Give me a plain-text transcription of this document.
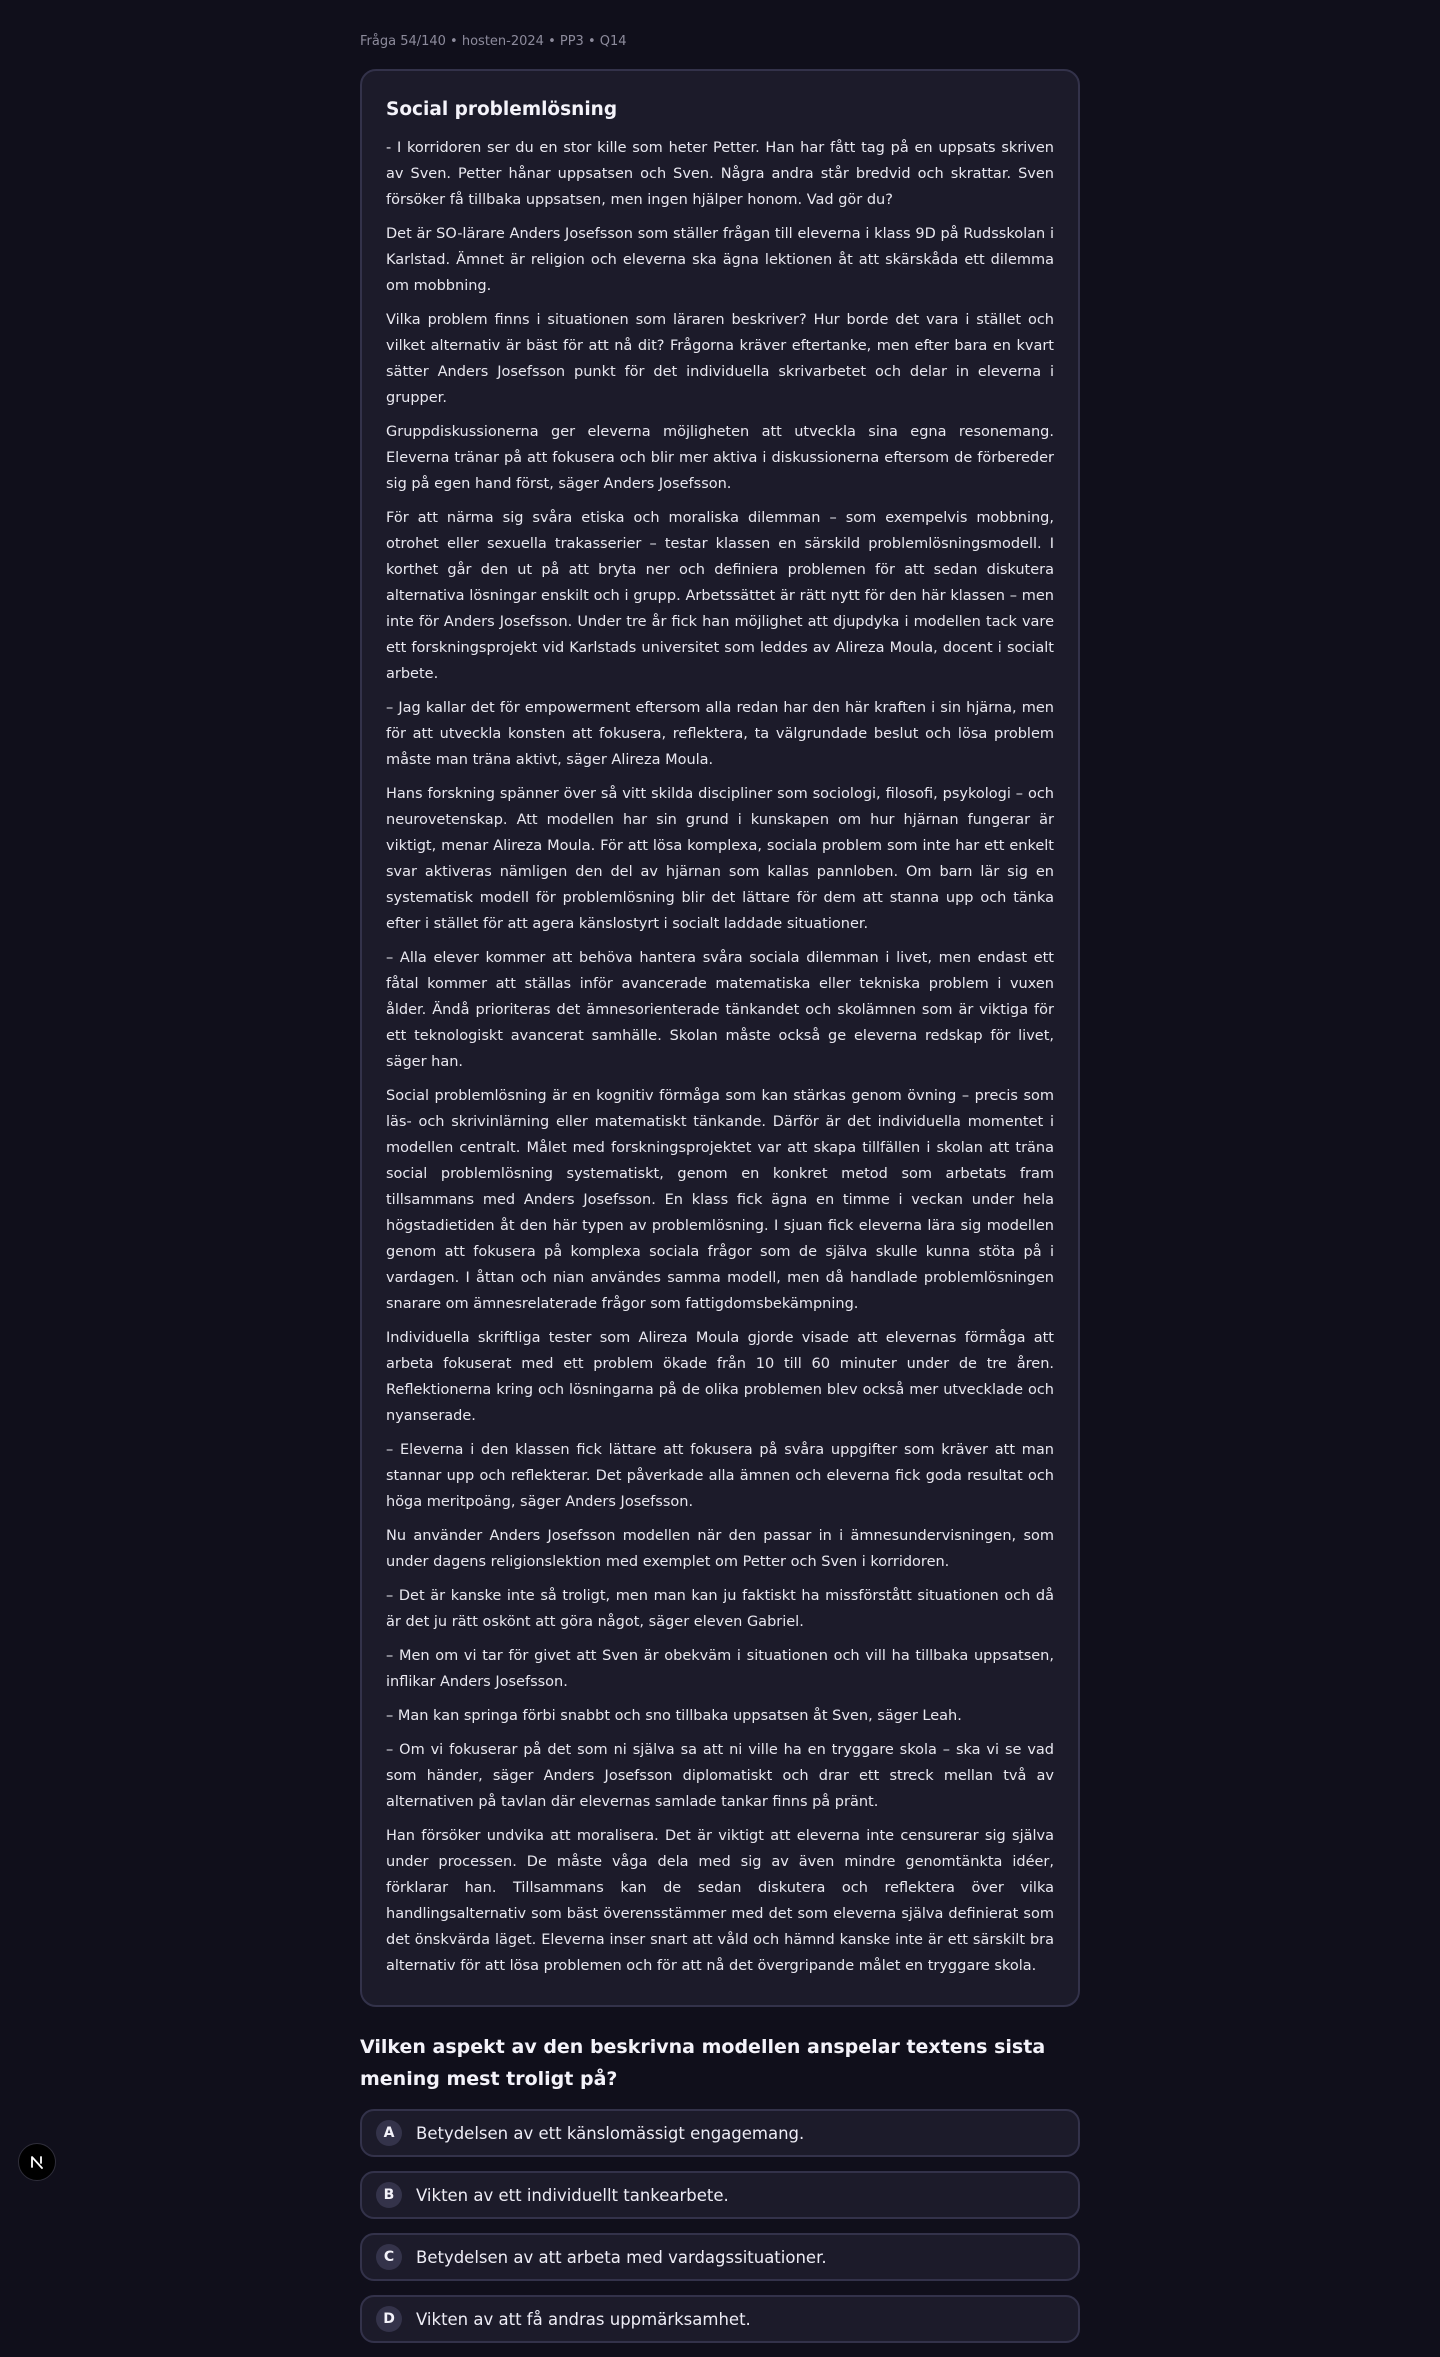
Fråga 54/140 • hosten-2024 • PP3 • Q14
Social problemlösning

- I korridoren ser du en stor kille som heter Petter. Han har fått tag på en uppsats skriven av Sven. Petter hånar uppsatsen och Sven. Några andra står bredvid och skrattar. Sven försöker få tillbaka uppsatsen, men ingen hjälper honom. Vad gör du?

Det är SO-lärare Anders Josefsson som ställer frågan till eleverna i klass 9D på Rudsskolan i Karlstad. Ämnet är religion och eleverna ska ägna lektionen åt att skärskåda ett dilemma om mobbning.

Vilka problem finns i situationen som läraren beskriver? Hur borde det vara i stället och vilket alternativ är bäst för att nå dit? Frågorna kräver eftertanke, men efter bara en kvart sätter Anders Josefsson punkt för det individuella skrivarbetet och delar in eleverna i grupper.

Gruppdiskussionerna ger eleverna möjligheten att utveckla sina egna resonemang. Eleverna tränar på att fokusera och blir mer aktiva i diskussionerna eftersom de förbereder sig på egen hand först, säger Anders Josefsson.

För att närma sig svåra etiska och moraliska dilemman – som exempelvis mobbning, otrohet eller sexuella trakasserier – testar klassen en särskild problemlösningsmodell. I korthet går den ut på att bryta ner och definiera problemen för att sedan diskutera alternativa lösningar enskilt och i grupp. Arbetssättet är rätt nytt för den här klassen – men inte för Anders Josefsson. Under tre år fick han möjlighet att djupdyka i modellen tack vare ett forskningsprojekt vid Karlstads universitet som leddes av Alireza Moula, docent i socialt arbete.

– Jag kallar det för empowerment eftersom alla redan har den här kraften i sin hjärna, men för att utveckla konsten att fokusera, reflektera, ta välgrundade beslut och lösa problem måste man träna aktivt, säger Alireza Moula.

Hans forskning spänner över så vitt skilda discipliner som sociologi, filosofi, psykologi – och neurovetenskap. Att modellen har sin grund i kunskapen om hur hjärnan fungerar är viktigt, menar Alireza Moula. För att lösa komplexa, sociala problem som inte har ett enkelt svar aktiveras nämligen den del av hjärnan som kallas pannloben. Om barn lär sig en systematisk modell för problemlösning blir det lättare för dem att stanna upp och tänka efter i stället för att agera känslostyrt i socialt laddade situationer.

– Alla elever kommer att behöva hantera svåra sociala dilemman i livet, men endast ett fåtal kommer att ställas inför avancerade matematiska eller tekniska problem i vuxen ålder. Ändå prioriteras det ämnesorienterade tänkandet och skolämnen som är viktiga för ett teknologiskt avancerat samhälle. Skolan måste också ge eleverna redskap för livet, säger han.

Social problemlösning är en kognitiv förmåga som kan stärkas genom övning – precis som läs- och skrivinlärning eller matematiskt tänkande. Därför är det individuella momentet i modellen centralt. Målet med forskningsprojektet var att skapa tillfällen i skolan att träna social problemlösning systematiskt, genom en konkret metod som arbetats fram tillsammans med Anders Josefsson. En klass fick ägna en timme i veckan under hela högstadietiden åt den här typen av problemlösning. I sjuan fick eleverna lära sig modellen genom att fokusera på komplexa sociala frågor som de själva skulle kunna stöta på i vardagen. I åttan och nian användes samma modell, men då handlade problemlösningen snarare om ämnesrelaterade frågor som fattigdomsbekämpning.

Individuella skriftliga tester som Alireza Moula gjorde visade att elevernas förmåga att arbeta fokuserat med ett problem ökade från 10 till 60 minuter under de tre åren. Reflektionerna kring och lösningarna på de olika problemen blev också mer utvecklade och nyanserade.

– Eleverna i den klassen fick lättare att fokusera på svåra uppgifter som kräver att man stannar upp och reflekterar. Det påverkade alla ämnen och eleverna fick goda resultat och höga meritpoäng, säger Anders Josefsson.

Nu använder Anders Josefsson modellen när den passar in i ämnesundervisningen, som under dagens religionslektion med exemplet om Petter och Sven i korridoren.

– Det är kanske inte så troligt, men man kan ju faktiskt ha missförstått situationen och då är det ju rätt oskönt att göra något, säger eleven Gabriel.

– Men om vi tar för givet att Sven är obekväm i situationen och vill ha tillbaka uppsatsen, inflikar Anders Josefsson.

– Man kan springa förbi snabbt och sno tillbaka uppsatsen åt Sven, säger Leah.

– Om vi fokuserar på det som ni själva sa att ni ville ha en tryggare skola – ska vi se vad som händer, säger Anders Josefsson diplomatiskt och drar ett streck mellan två av alternativen på tavlan där elevernas samlade tankar finns på pränt.

Han försöker undvika att moralisera. Det är viktigt att eleverna inte censurerar sig själva under processen. De måste våga dela med sig av även mindre genomtänkta idéer, förklarar han. Tillsammans kan de sedan diskutera och reflektera över vilka handlingsalternativ som bäst överensstämmer med det som eleverna själva definierat som det önskvärda läget. Eleverna inser snart att våld och hämnd kanske inte är ett särskilt bra alternativ för att lösa problemen och för att nå det övergripande målet en tryggare skola.

Vilken aspekt av den beskrivna modellen anspelar textens sista mening mest troligt på?
A	Betydelsen av ett känslomässigt engagemang.
B	Vikten av ett individuellt tankearbete.
C	Betydelsen av att arbeta med vardagssituationer.
D	Vikten av att få andras uppmärksamhet.
